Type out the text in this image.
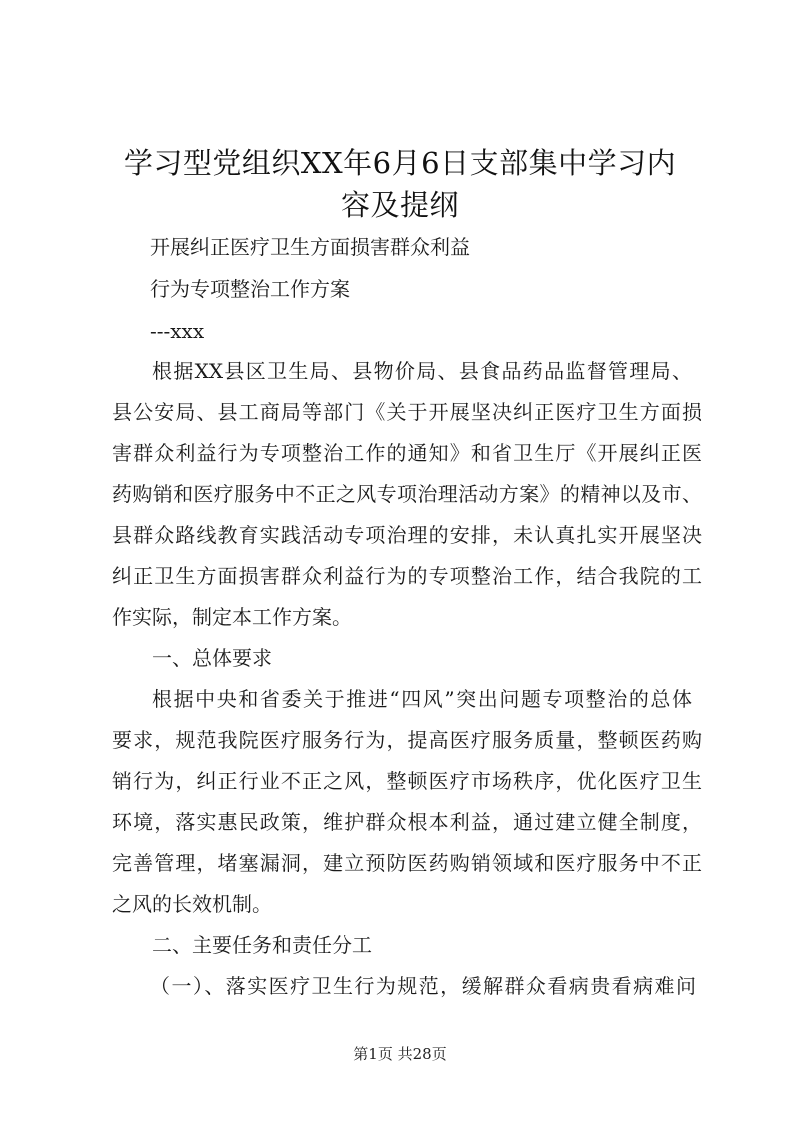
学习型党组织XX年6月6日支部集中学习内
容及提纲
开展纠正医疗卫生方面损害群众利益
行为专项整治工作方案
---xxx
根据XX县区卫生局、县物价局、县食品药品监督管理局、
县公安局、县工商局等部门《关于开展坚决纠正医疗卫生方面损
害群众利益行为专项整治工作的通知》和省卫生厅《开展纠正医
药购销和医疗服务中不正之风专项治理活动方案》的精神以及市、
县群众路线教育实践活动专项治理的安排，未认真扎实开展坚决
纠正卫生方面损害群众利益行为的专项整治工作，结合我院的工
作实际，制定本工作方案。
一、总体要求
根据中央和省委关于推进“四风”突出问题专项整治的总体
要求，规范我院医疗服务行为，提高医疗服务质量，整顿医药购
销行为，纠正行业不正之风，整顿医疗市场秩序，优化医疗卫生
环境，落实惠民政策，维护群众根本利益，通过建立健全制度，
完善管理，堵塞漏洞，建立预防医药购销领域和医疗服务中不正
之风的长效机制。
二、主要任务和责任分工
（一）、落实医疗卫生行为规范，缓解群众看病贵看病难问
第1页 共28页
